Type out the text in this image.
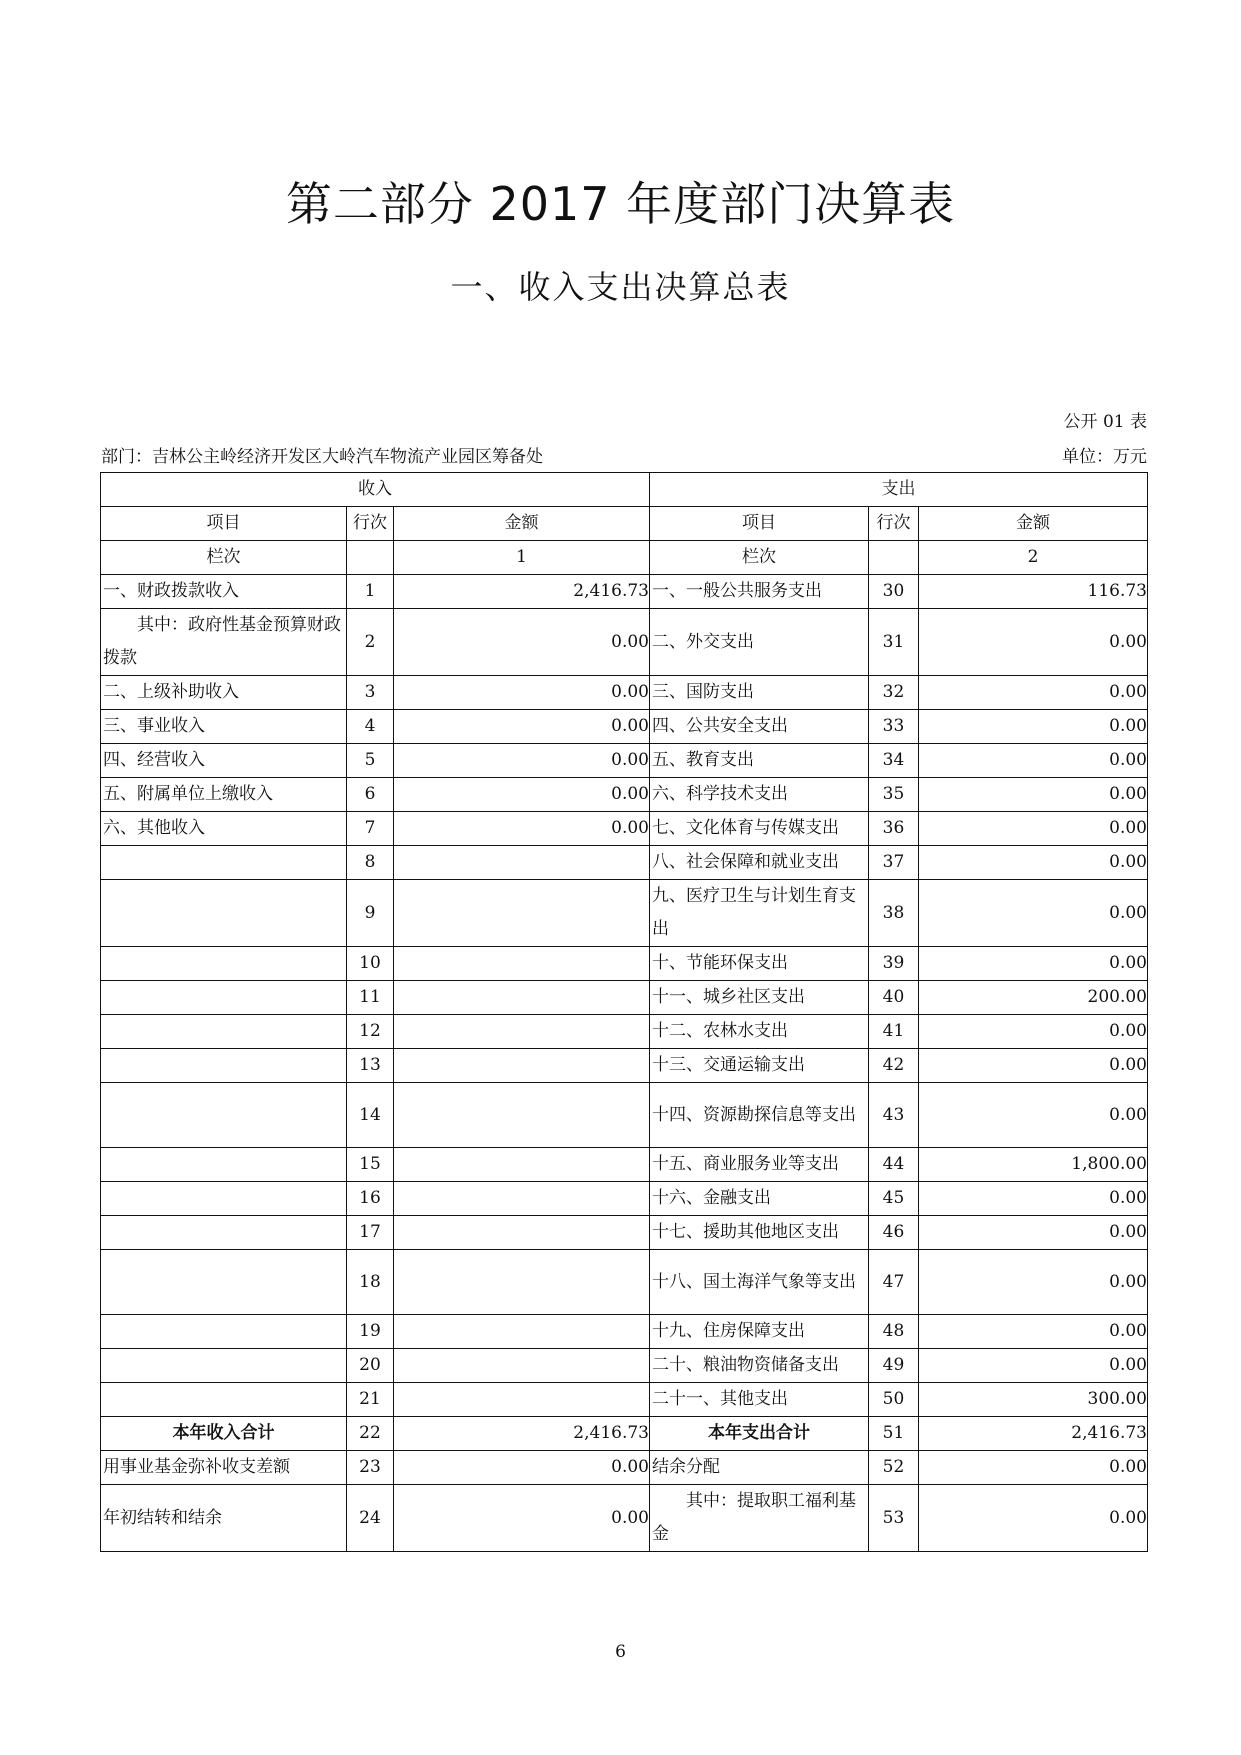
第二部分 2017 年度部门决算表
一、收入支出决算总表
公开 01 表
部门：吉林公主岭经济开发区大岭汽车物流产业园区筹备处	单位：万元
收入			支出		
项目	行次	金额	项目	行次	金额
栏次		1	栏次		2
一、财政拨款收入	1	2,416.73	一、一般公共服务支出	30	116.73
其中：政府性基金预算财政拨款	2	0.00	二、外交支出	31	0.00
二、上级补助收入	3	0.00	三、国防支出	32	0.00
三、事业收入	4	0.00	四、公共安全支出	33	0.00
四、经营收入	5	0.00	五、教育支出	34	0.00
五、附属单位上缴收入	6	0.00	六、科学技术支出	35	0.00
六、其他收入	7	0.00	七、文化体育与传媒支出	36	0.00
	8		八、社会保障和就业支出	37	0.00
	9		九、医疗卫生与计划生育支出	38	0.00
	10		十、节能环保支出	39	0.00
	11		十一、城乡社区支出	40	200.00
	12		十二、农林水支出	41	0.00
	13		十三、交通运输支出	42	0.00
	14		十四、资源勘探信息等支出	43	0.00
	15		十五、商业服务业等支出	44	1,800.00
	16		十六、金融支出	45	0.00
	17		十七、援助其他地区支出	46	0.00
	18		十八、国土海洋气象等支出	47	0.00
	19		十九、住房保障支出	48	0.00
	20		二十、粮油物资储备支出	49	0.00
	21		二十一、其他支出	50	300.00
本年收入合计	22	2,416.73	本年支出合计	51	2,416.73
用事业基金弥补收支差额	23	0.00	结余分配	52	0.00
年初结转和结余	24	0.00	其中：提取职工福利基金	53	0.00
6
